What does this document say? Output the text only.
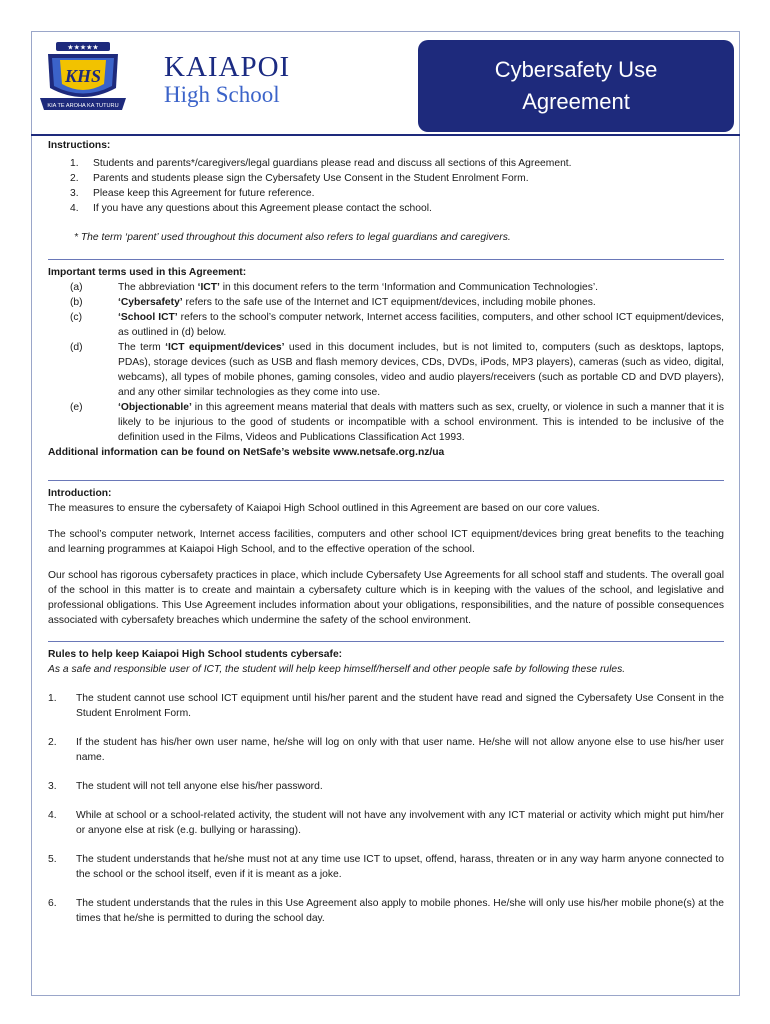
★★★★★
KHS
KIA TE AROHA KA TUTURU
KAIAPOI
High School
Cybersafety Use
Agreement
Instructions:
1. Students and parents*/caregivers/legal guardians please read and discuss all sections of this Agreement.
2. Parents and students please sign the Cybersafety Use Consent in the Student Enrolment Form.
3. Please keep this Agreement for future reference.
4. If you have any questions about this Agreement please contact the school.
* The term ‘parent’ used throughout this document also refers to legal guardians and caregivers.
Important terms used in this Agreement:
(a)	The abbreviation ‘ICT’ in this document refers to the term ‘Information and Communication Technologies’.
(b)	‘Cybersafety’ refers to the safe use of the Internet and ICT equipment/devices, including mobile phones.
(c)	‘School ICT’ refers to the school’s computer network, Internet access facilities, computers, and other school ICT equipment/devices, as outlined in (d) below.
(d)	The term ‘ICT equipment/devices’ used in this document includes, but is not limited to, computers (such as desktops, laptops, PDAs), storage devices (such as USB and flash memory devices, CDs, DVDs, iPods, MP3 players), cameras (such as video, digital, webcams), all types of mobile phones, gaming consoles, video and audio players/receivers (such as portable CD and DVD players), and any other similar technologies as they come into use.
(e)	‘Objectionable’ in this agreement means material that deals with matters such as sex, cruelty, or violence in such a manner that it is likely to be injurious to the good of students or incompatible with a school environment. This is intended to be inclusive of the definition used in the Films, Videos and Publications Classification Act 1993.
Additional information can be found on NetSafe’s website www.netsafe.org.nz/ua
Introduction:

The measures to ensure the cybersafety of Kaiapoi High School outlined in this Agreement are based on our core values.

The school’s computer network, Internet access facilities, computers and other school ICT equipment/devices bring great benefits to the teaching and learning programmes at Kaiapoi High School, and to the effective operation of the school.

Our school has rigorous cybersafety practices in place, which include Cybersafety Use Agreements for all school staff and students. The overall goal of the school in this matter is to create and maintain a cybersafety culture which is in keeping with the values of the school, and legislative and professional obligations. This Use Agreement includes information about your obligations, responsibilities, and the nature of possible consequences associated with cybersafety breaches which undermine the safety of the school environment.

Rules to help keep Kaiapoi High School students cybersafe:
As a safe and responsible user of ICT, the student will help keep himself/herself and other people safe by following these rules.
1. The student cannot use school ICT equipment until his/her parent and the student have read and signed the Cybersafety Use Consent in the Student Enrolment Form.
2. If the student has his/her own user name, he/she will log on only with that user name. He/she will not allow anyone else to use his/her user name.
3. The student will not tell anyone else his/her password.
4. While at school or a school-related activity, the student will not have any involvement with any ICT material or activity which might put him/her or anyone else at risk (e.g. bullying or harassing).
5. The student understands that he/she must not at any time use ICT to upset, offend, harass, threaten or in any way harm anyone connected to the school or the school itself, even if it is meant as a joke.
6. The student understands that the rules in this Use Agreement also apply to mobile phones. He/she will only use his/her mobile phone(s) at the times that he/she is permitted to during the school day.
